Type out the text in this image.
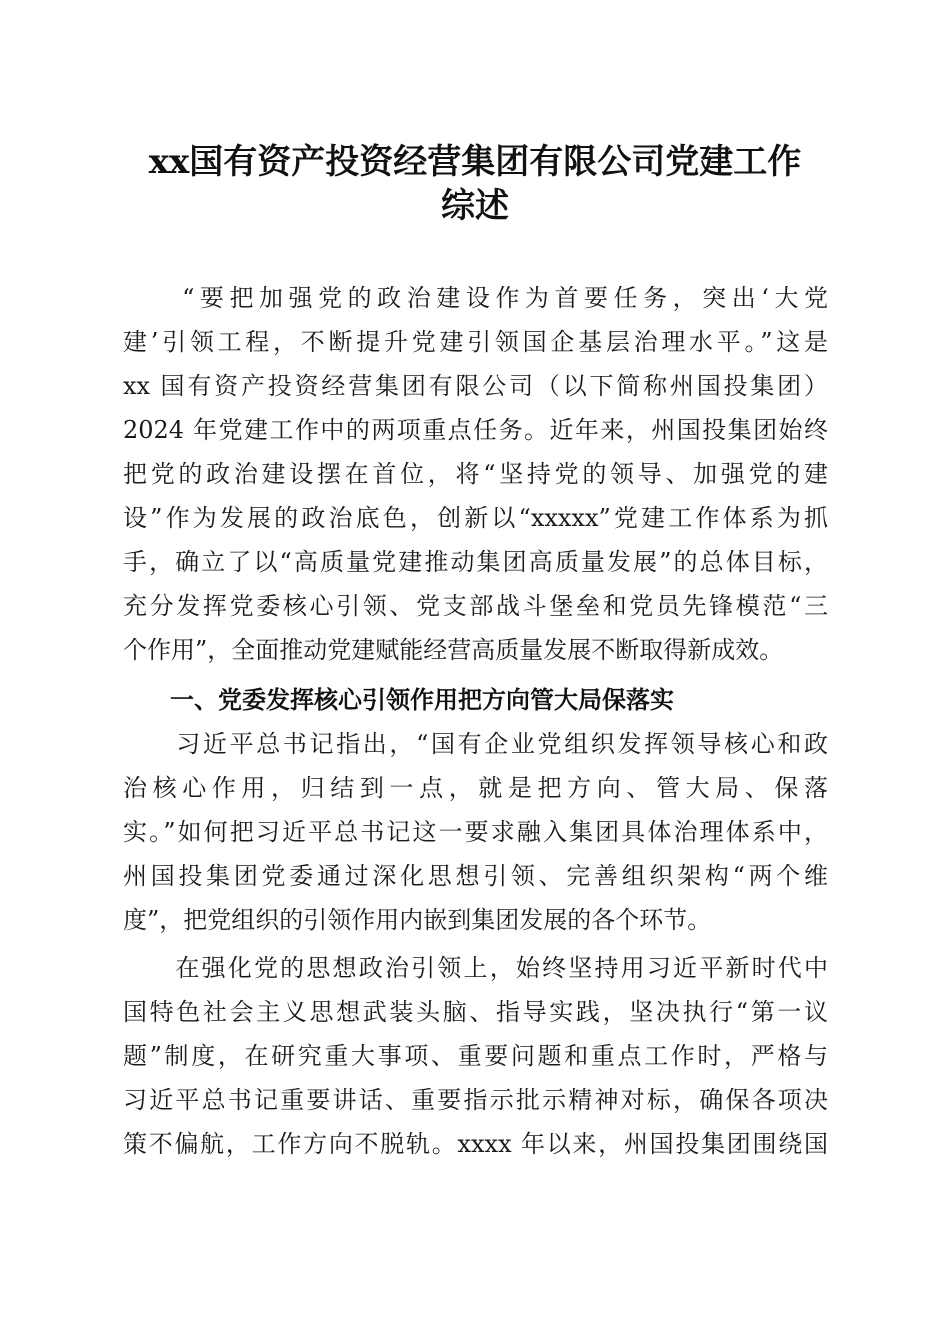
xx国有资产投资经营集团有限公司党建工作
综述
　　“要把加强党的政治建设作为首要任务，突出‘大党
建’引领工程，不断提升党建引领国企基层治理水平。”这是
xx 国有资产投资经营集团有限公司（以下简称州国投集团）
2024 年党建工作中的两项重点任务。近年来，州国投集团始终
把党的政治建设摆在首位，将“坚持党的领导、加强党的建
设”作为发展的政治底色，创新以“xxxxx”党建工作体系为抓
手，确立了以“高质量党建推动集团高质量发展”的总体目标，
充分发挥党委核心引领、党支部战斗堡垒和党员先锋模范“三
个作用”，全面推动党建赋能经营高质量发展不断取得新成效。
一、党委发挥核心引领作用把方向管大局保落实
　　习近平总书记指出，“国有企业党组织发挥领导核心和政
治核心作用，归结到一点，就是把方向、管大局、保落
实。”如何把习近平总书记这一要求融入集团具体治理体系中，
州国投集团党委通过深化思想引领、完善组织架构“两个维
度”，把党组织的引领作用内嵌到集团发展的各个环节。
　　在强化党的思想政治引领上，始终坚持用习近平新时代中
国特色社会主义思想武装头脑、指导实践，坚决执行“第一议
题”制度，在研究重大事项、重要问题和重点工作时，严格与
习近平总书记重要讲话、重要指示批示精神对标，确保各项决
策不偏航，工作方向不脱轨。xxxx 年以来，州国投集团围绕国
